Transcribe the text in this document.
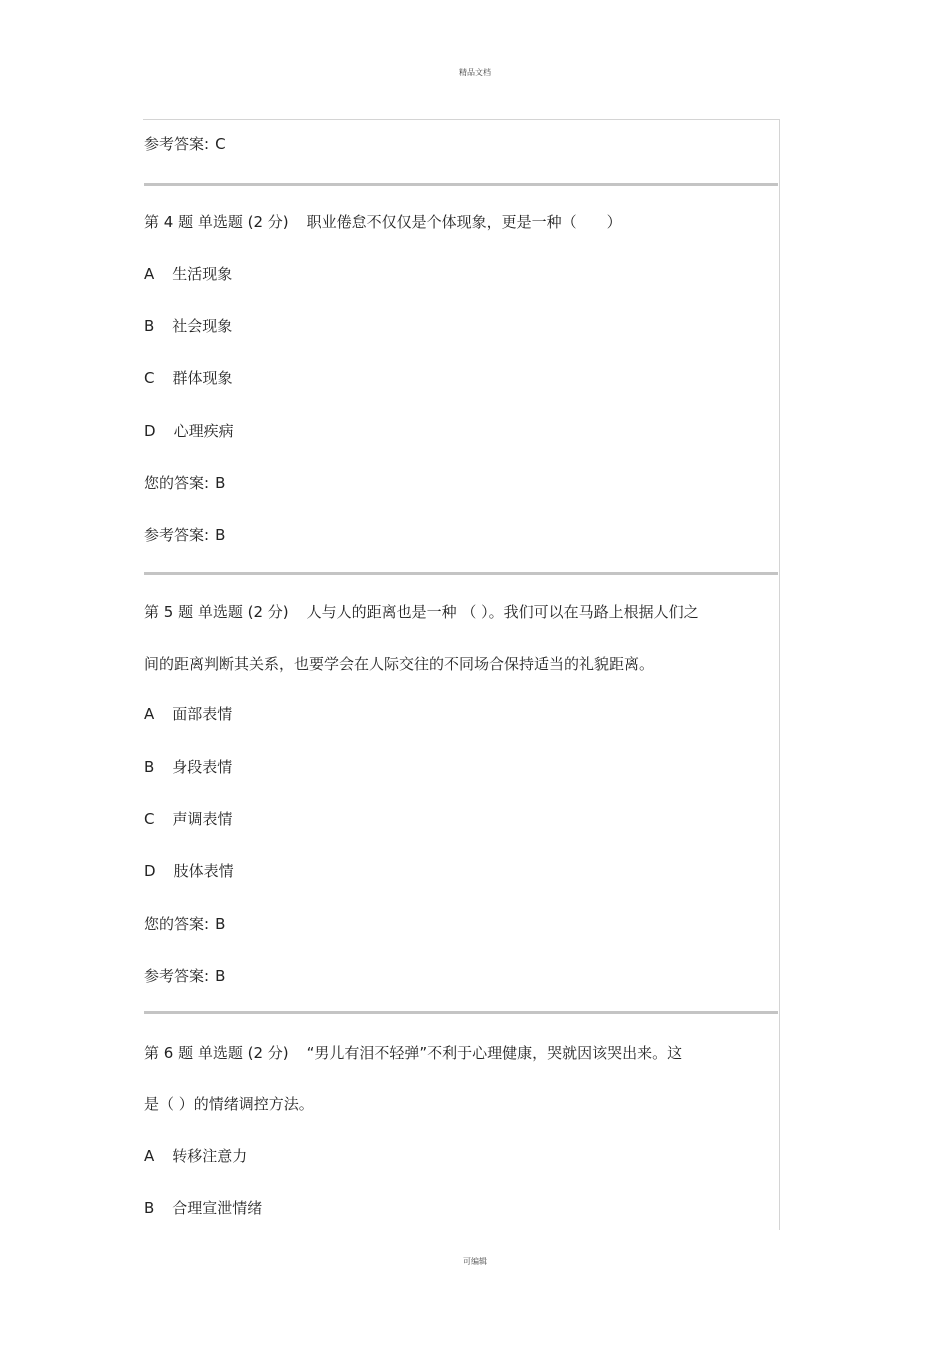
精品文档
参考答案: C
第 4 题 单选题 (2 分) 职业倦怠不仅仅是个体现象，更是一种（　　）
A 生活现象
B 社会现象
C 群体现象
D 心理疾病
您的答案: B
参考答案: B
第 5 题 单选题 (2 分) 人与人的距离也是一种 （ ）。我们可以在马路上根据人们之
间的距离判断其关系，也要学会在人际交往的不同场合保持适当的礼貌距离。
A 面部表情
B 身段表情
C 声调表情
D 肢体表情
您的答案: B
参考答案: B
第 6 题 单选题 (2 分) “男儿有泪不轻弹”不利于心理健康，哭就因该哭出来。这
是（ ）的情绪调控方法。
A 转移注意力
B 合理宣泄情绪
可编辑
